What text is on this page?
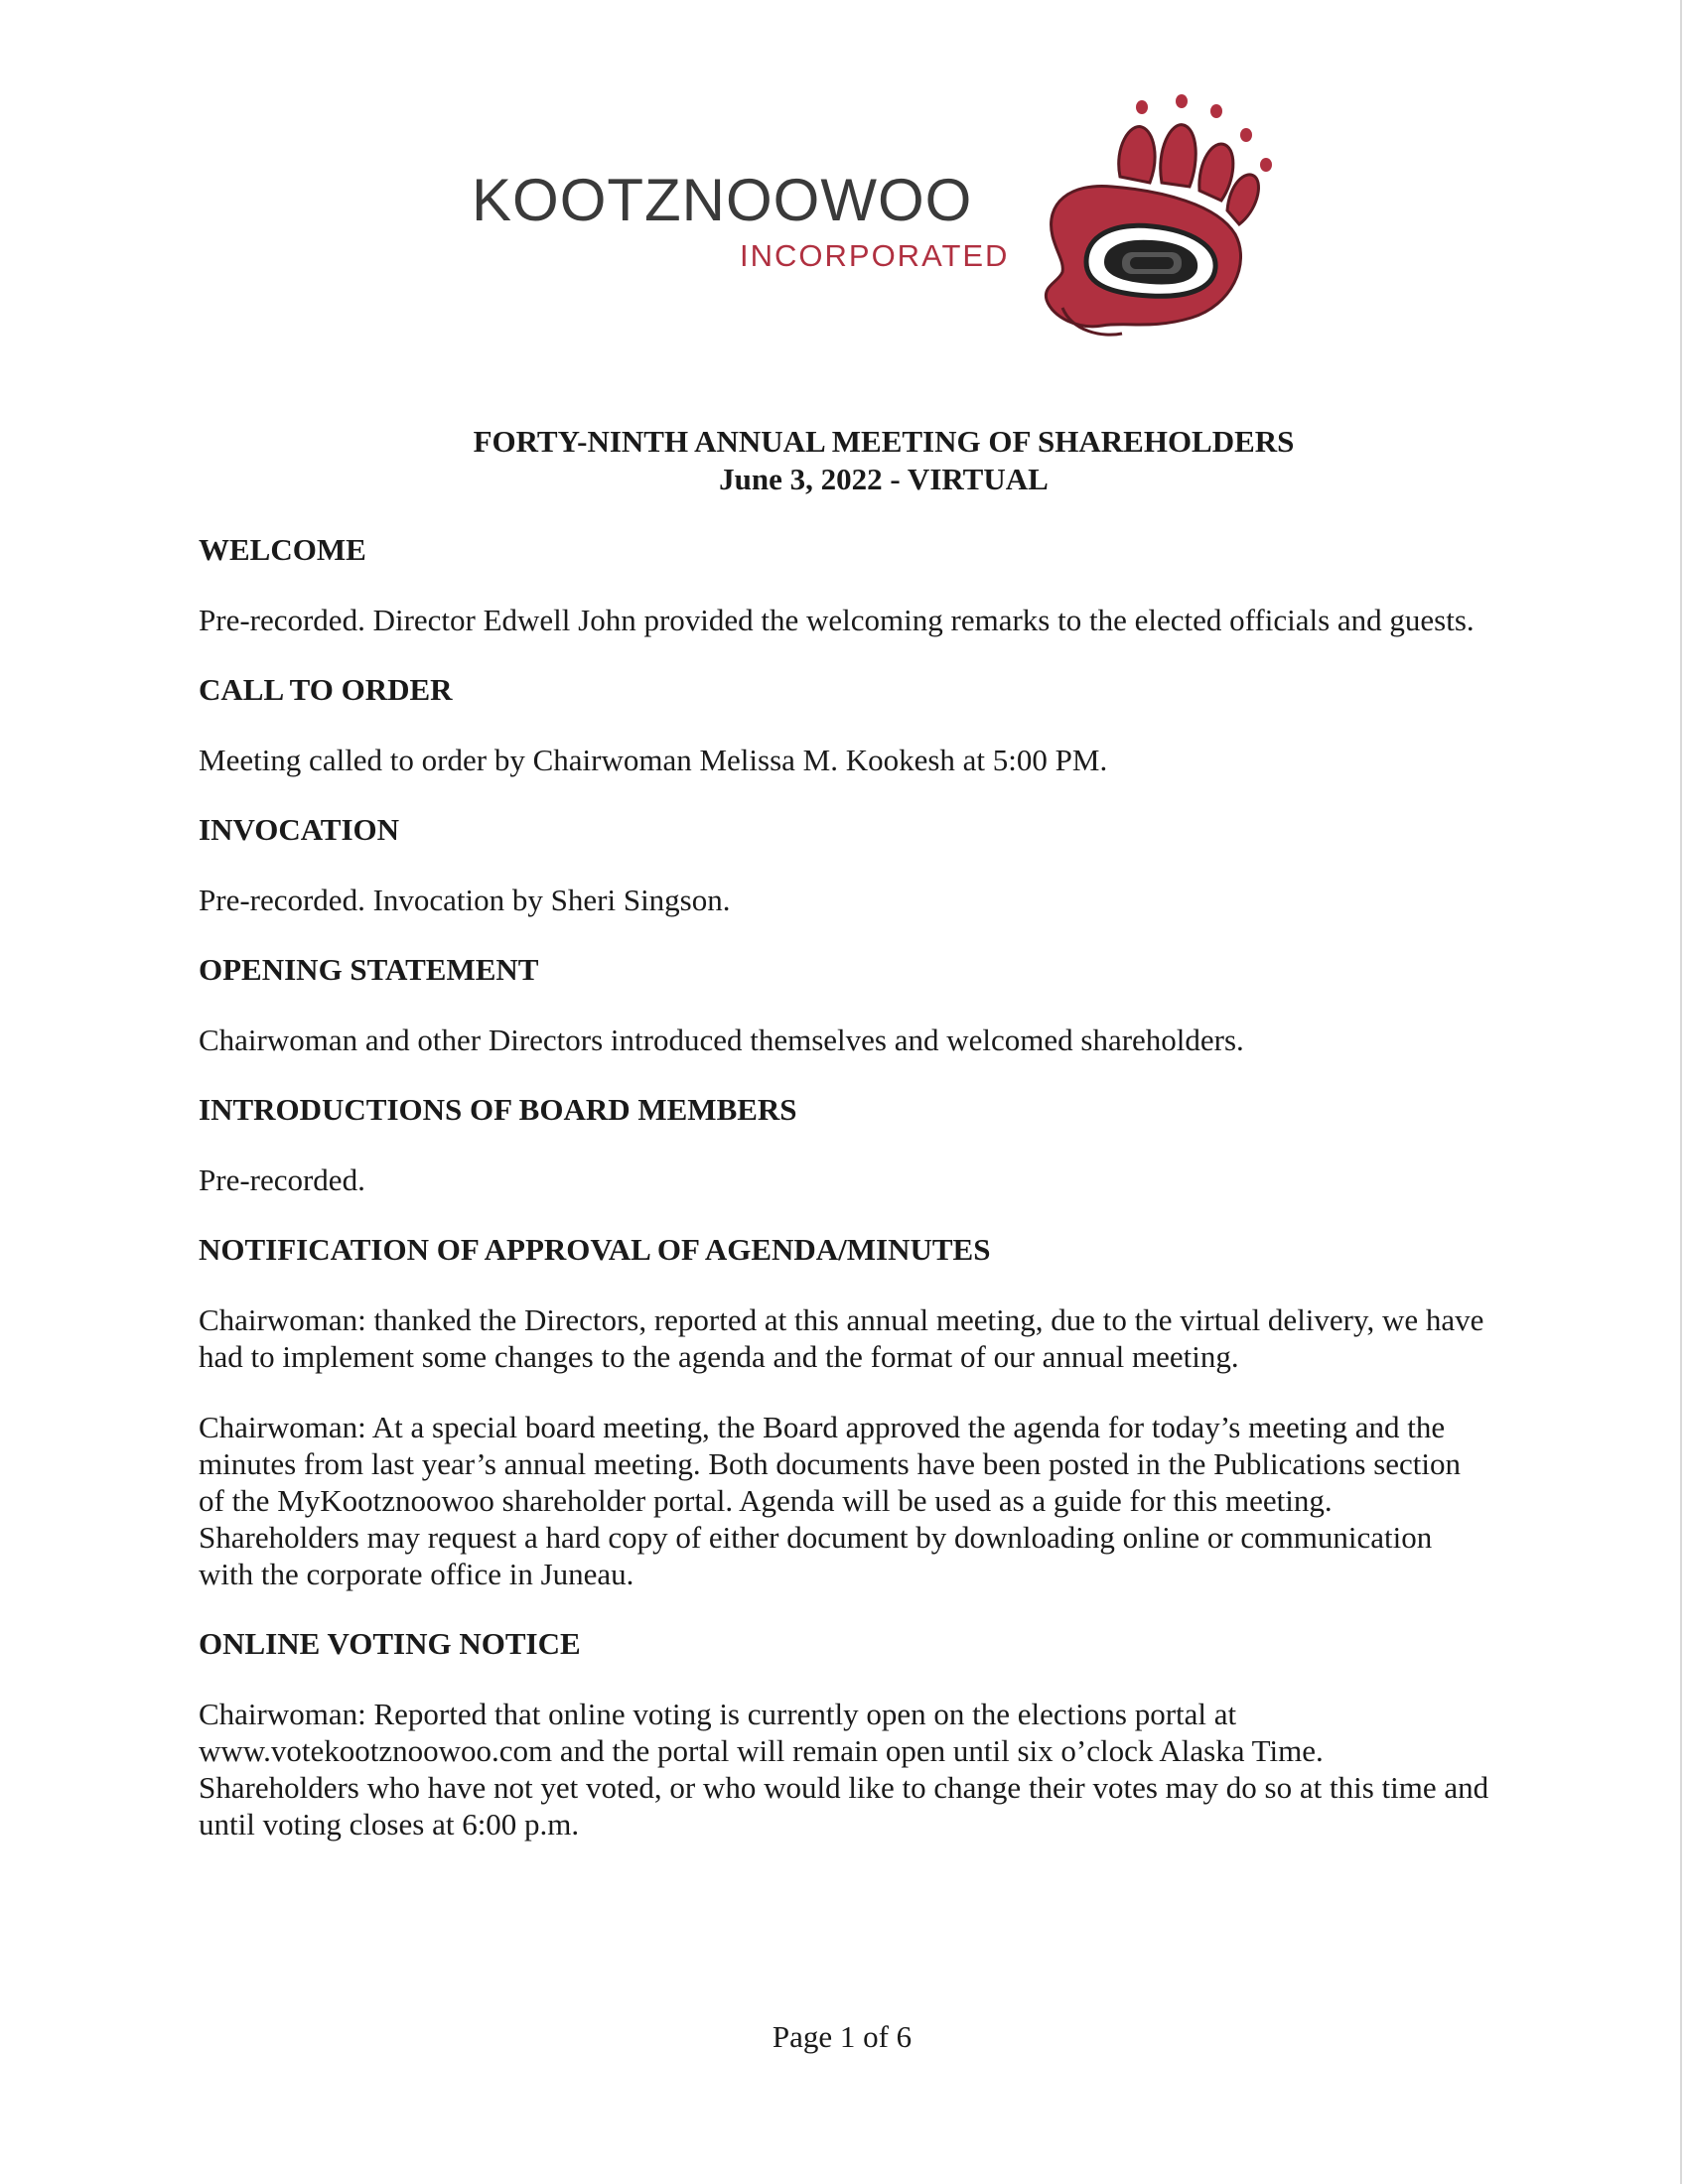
KOOTZNOOWOO
INCORPORATED
FORTY-NINTH ANNUAL MEETING OF SHAREHOLDERS
June 3, 2022 - VIRTUAL
WELCOME
Pre-recorded. Director Edwell John provided the welcoming remarks to the elected officials and guests.
CALL TO ORDER
Meeting called to order by Chairwoman Melissa M. Kookesh at 5:00 PM.
INVOCATION
Pre-recorded. Invocation by Sheri Singson.
OPENING STATEMENT
Chairwoman and other Directors introduced themselves and welcomed shareholders.
INTRODUCTIONS OF BOARD MEMBERS
Pre-recorded.
NOTIFICATION OF APPROVAL OF AGENDA/MINUTES
Chairwoman: thanked the Directors, reported at this annual meeting, due to the virtual delivery, we have had to implement some changes to the agenda and the format of our annual meeting.
Chairwoman: At a special board meeting, the Board approved the agenda for today’s meeting and the minutes from last year’s annual meeting. Both documents have been posted in the Publications section of the MyKootznoowoo shareholder portal. Agenda will be used as a guide for this meeting. Shareholders may request a hard copy of either document by downloading online or communication with the corporate office in Juneau.
ONLINE VOTING NOTICE
Chairwoman: Reported that online voting is currently open on the elections portal at www.votekootznoowoo.com and the portal will remain open until six o’clock Alaska Time. Shareholders who have not yet voted, or who would like to change their votes may do so at this time and until voting closes at 6:00 p.m.
Page 1 of 6
